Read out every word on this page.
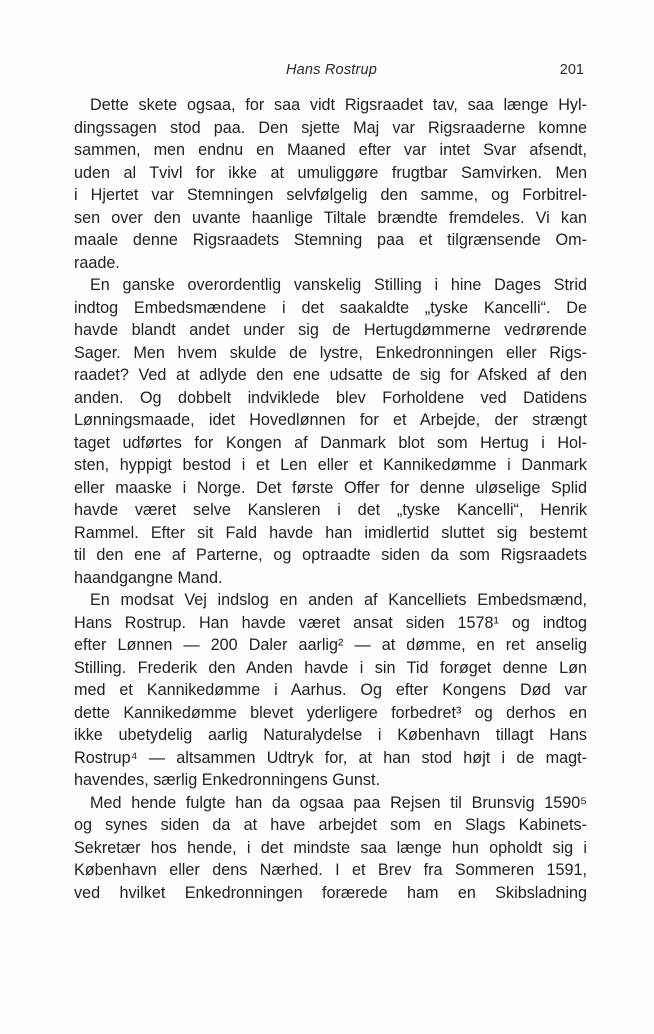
Hans Rostrup	201
Dette skete ogsaa, for saa vidt Rigsraadet tav, saa længe Hyl-
dingssagen stod paa. Den sjette Maj var Rigsraaderne komne
sammen, men endnu en Maaned efter var intet Svar afsendt,
uden al Tvivl for ikke at umuliggøre frugtbar Samvirken. Men
i Hjertet var Stemningen selvfølgelig den samme, og Forbitrel-
sen over den uvante haanlige Tiltale brændte fremdeles. Vi kan
maale denne Rigsraadets Stemning paa et tilgrænsende Om-
raade.
En ganske overordentlig vanskelig Stilling i hine Dages Strid
indtog Embedsmændene i det saakaldte „tyske Kancelli“. De
havde blandt andet under sig de Hertugdømmerne vedrørende
Sager. Men hvem skulde de lystre, Enkedronningen eller Rigs-
raadet? Ved at adlyde den ene udsatte de sig for Afsked af den
anden. Og dobbelt indviklede blev Forholdene ved Datidens
Lønningsmaade, idet Hovedlønnen for et Arbejde, der strængt
taget udførtes for Kongen af Danmark blot som Hertug i Hol-
sten, hyppigt bestod i et Len eller et Kannikedømme i Danmark
eller maaske i Norge. Det første Offer for denne uløselige Splid
havde været selve Kansleren i det „tyske Kancelli“, Henrik
Rammel. Efter sit Fald havde han imidlertid sluttet sig bestemt
til den ene af Parterne, og optraadte siden da som Rigsraadets
haandgangne Mand.
En modsat Vej indslog en anden af Kancelliets Embedsmænd,
Hans Rostrup. Han havde været ansat siden 1578¹ og indtog
efter Lønnen — 200 Daler aarlig² — at dømme, en ret anselig
Stilling. Frederik den Anden havde i sin Tid forøget denne Løn
med et Kannikedømme i Aarhus. Og efter Kongens Død var
dette Kannikedømme blevet yderligere forbedret³ og derhos en
ikke ubetydelig aarlig Naturalydelse i København tillagt Hans
Rostrup⁴ — altsammen Udtryk for, at han stod højt i de magt-
havendes, særlig Enkedronningens Gunst.
Med hende fulgte han da ogsaa paa Rejsen til Brunsvig 1590⁵
og synes siden da at have arbejdet som en Slags Kabinets-
Sekretær hos hende, i det mindste saa længe hun opholdt sig i
København eller dens Nærhed. I et Brev fra Sommeren 1591,
ved hvilket Enkedronningen forærede ham en Skibsladning
